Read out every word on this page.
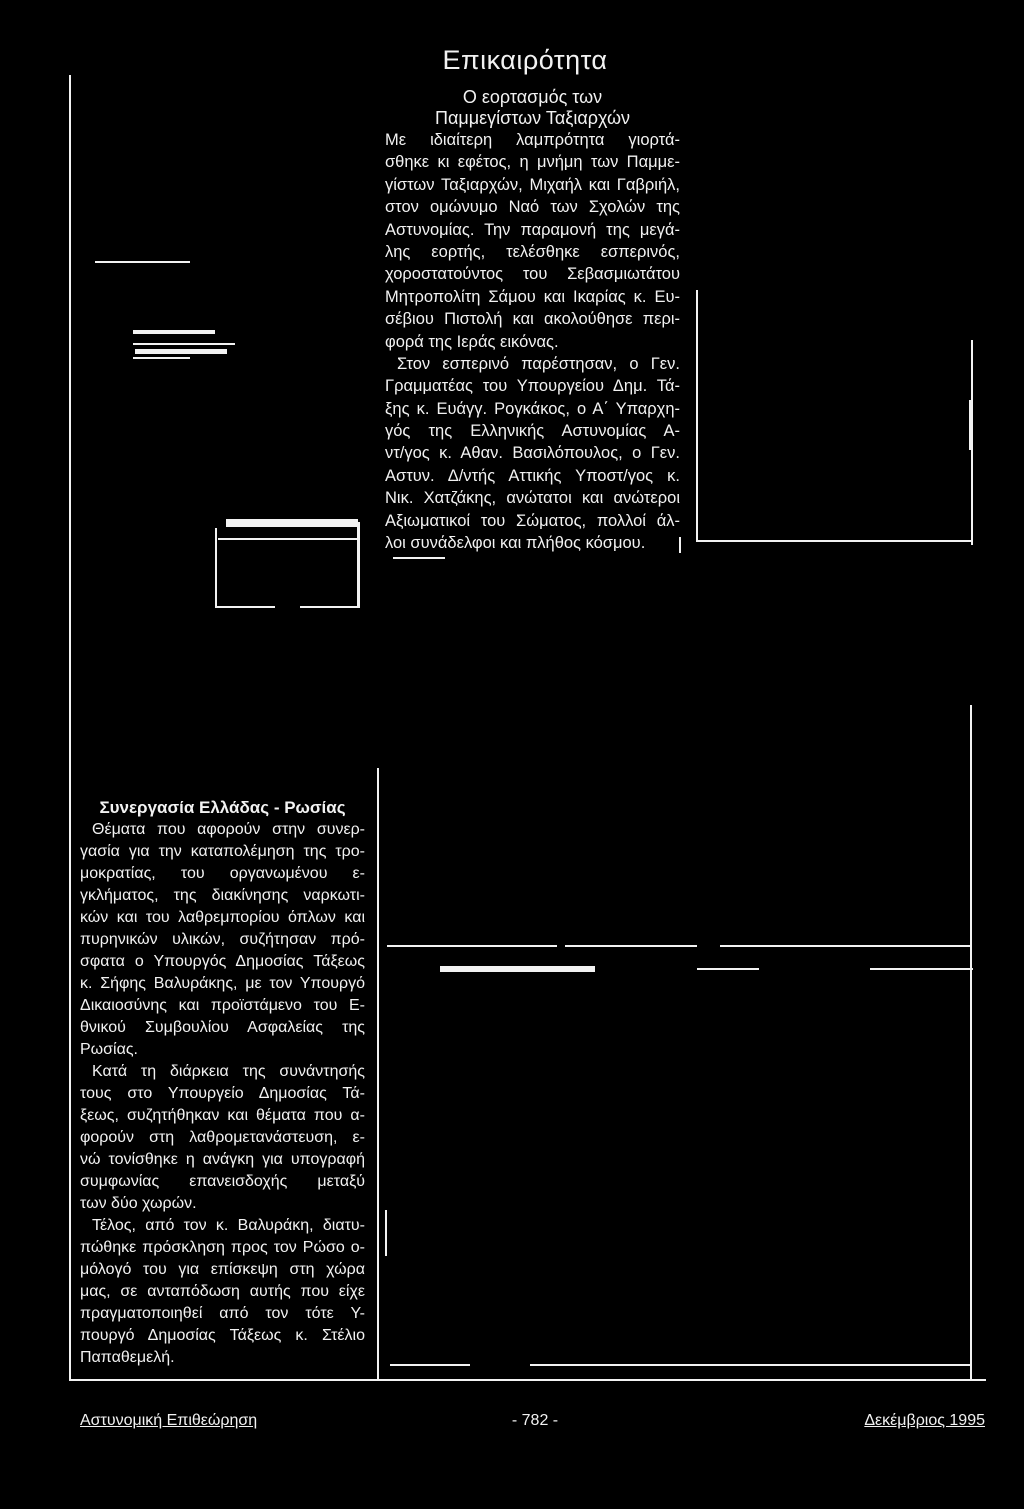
Επικαιρότητα
Ο εορτασμός των
Παμμεγίστων Ταξιαρχών
Με ιδιαίτερη λαμπρότητα γιορτά-
σθηκε κι εφέτος, η μνήμη των Παμμε-
γίστων Ταξιαρχών, Μιχαήλ και Γαβριήλ,
στον ομώνυμο Ναό των Σχολών της
Αστυνομίας. Την παραμονή της μεγά-
λης εορτής, τελέσθηκε εσπερινός,
χοροστατούντος του Σεβασμιωτάτου
Μητροπολίτη Σάμου και Ικαρίας κ. Ευ-
σέβιου Πιστολή και ακολούθησε περι-
φορά της Ιεράς εικόνας.
Στον εσπερινό παρέστησαν, ο Γεν.
Γραμματέας του Υπουργείου Δημ. Τά-
ξης κ. Ευάγγ. Ρογκάκος, ο Α΄ Υπαρχη-
γός της Ελληνικής Αστυνομίας Α-
ντ/γος κ. Αθαν. Βασιλόπουλος, ο Γεν.
Αστυν. Δ/ντής Αττικής Υποστ/γος κ.
Νικ. Χατζάκης, ανώτατοι και ανώτεροι
Αξιωματικοί του Σώματος, πολλοί άλ-
λοι συνάδελφοι και πλήθος κόσμου.
Συνεργασία Ελλάδας - Ρωσίας
Θέματα που αφορούν στην συνερ-
γασία για την καταπολέμηση της τρο-
μοκρατίας, του οργανωμένου ε-
γκλήματος, της διακίνησης ναρκωτι-
κών και του λαθρεμπορίου όπλων και
πυρηνικών υλικών, συζήτησαν πρό-
σφατα ο Υπουργός Δημοσίας Τάξεως
κ. Σήφης Βαλυράκης, με τον Υπουργό
Δικαιοσύνης και προϊστάμενο του Ε-
θνικού Συμβουλίου Ασφαλείας της
Ρωσίας.
Κατά τη διάρκεια της συνάντησής
τους στο Υπουργείο Δημοσίας Τά-
ξεως, συζητήθηκαν και θέματα που α-
φορούν στη λαθρομετανάστευση, ε-
νώ τονίσθηκε η ανάγκη για υπογραφή
συμφωνίας επανεισδοχής μεταξύ
των δύο χωρών.
Τέλος, από τον κ. Βαλυράκη, διατυ-
πώθηκε πρόσκληση προς τον Ρώσο ο-
μόλογό του για επίσκεψη στη χώρα
μας, σε ανταπόδωση αυτής που είχε
πραγματοποιηθεί από τον τότε Υ-
πουργό Δημοσίας Τάξεως κ. Στέλιο
Παπαθεμελή.
Αστυνομική Επιθεώρηση	- 782 -	Δεκέμβριος 1995
